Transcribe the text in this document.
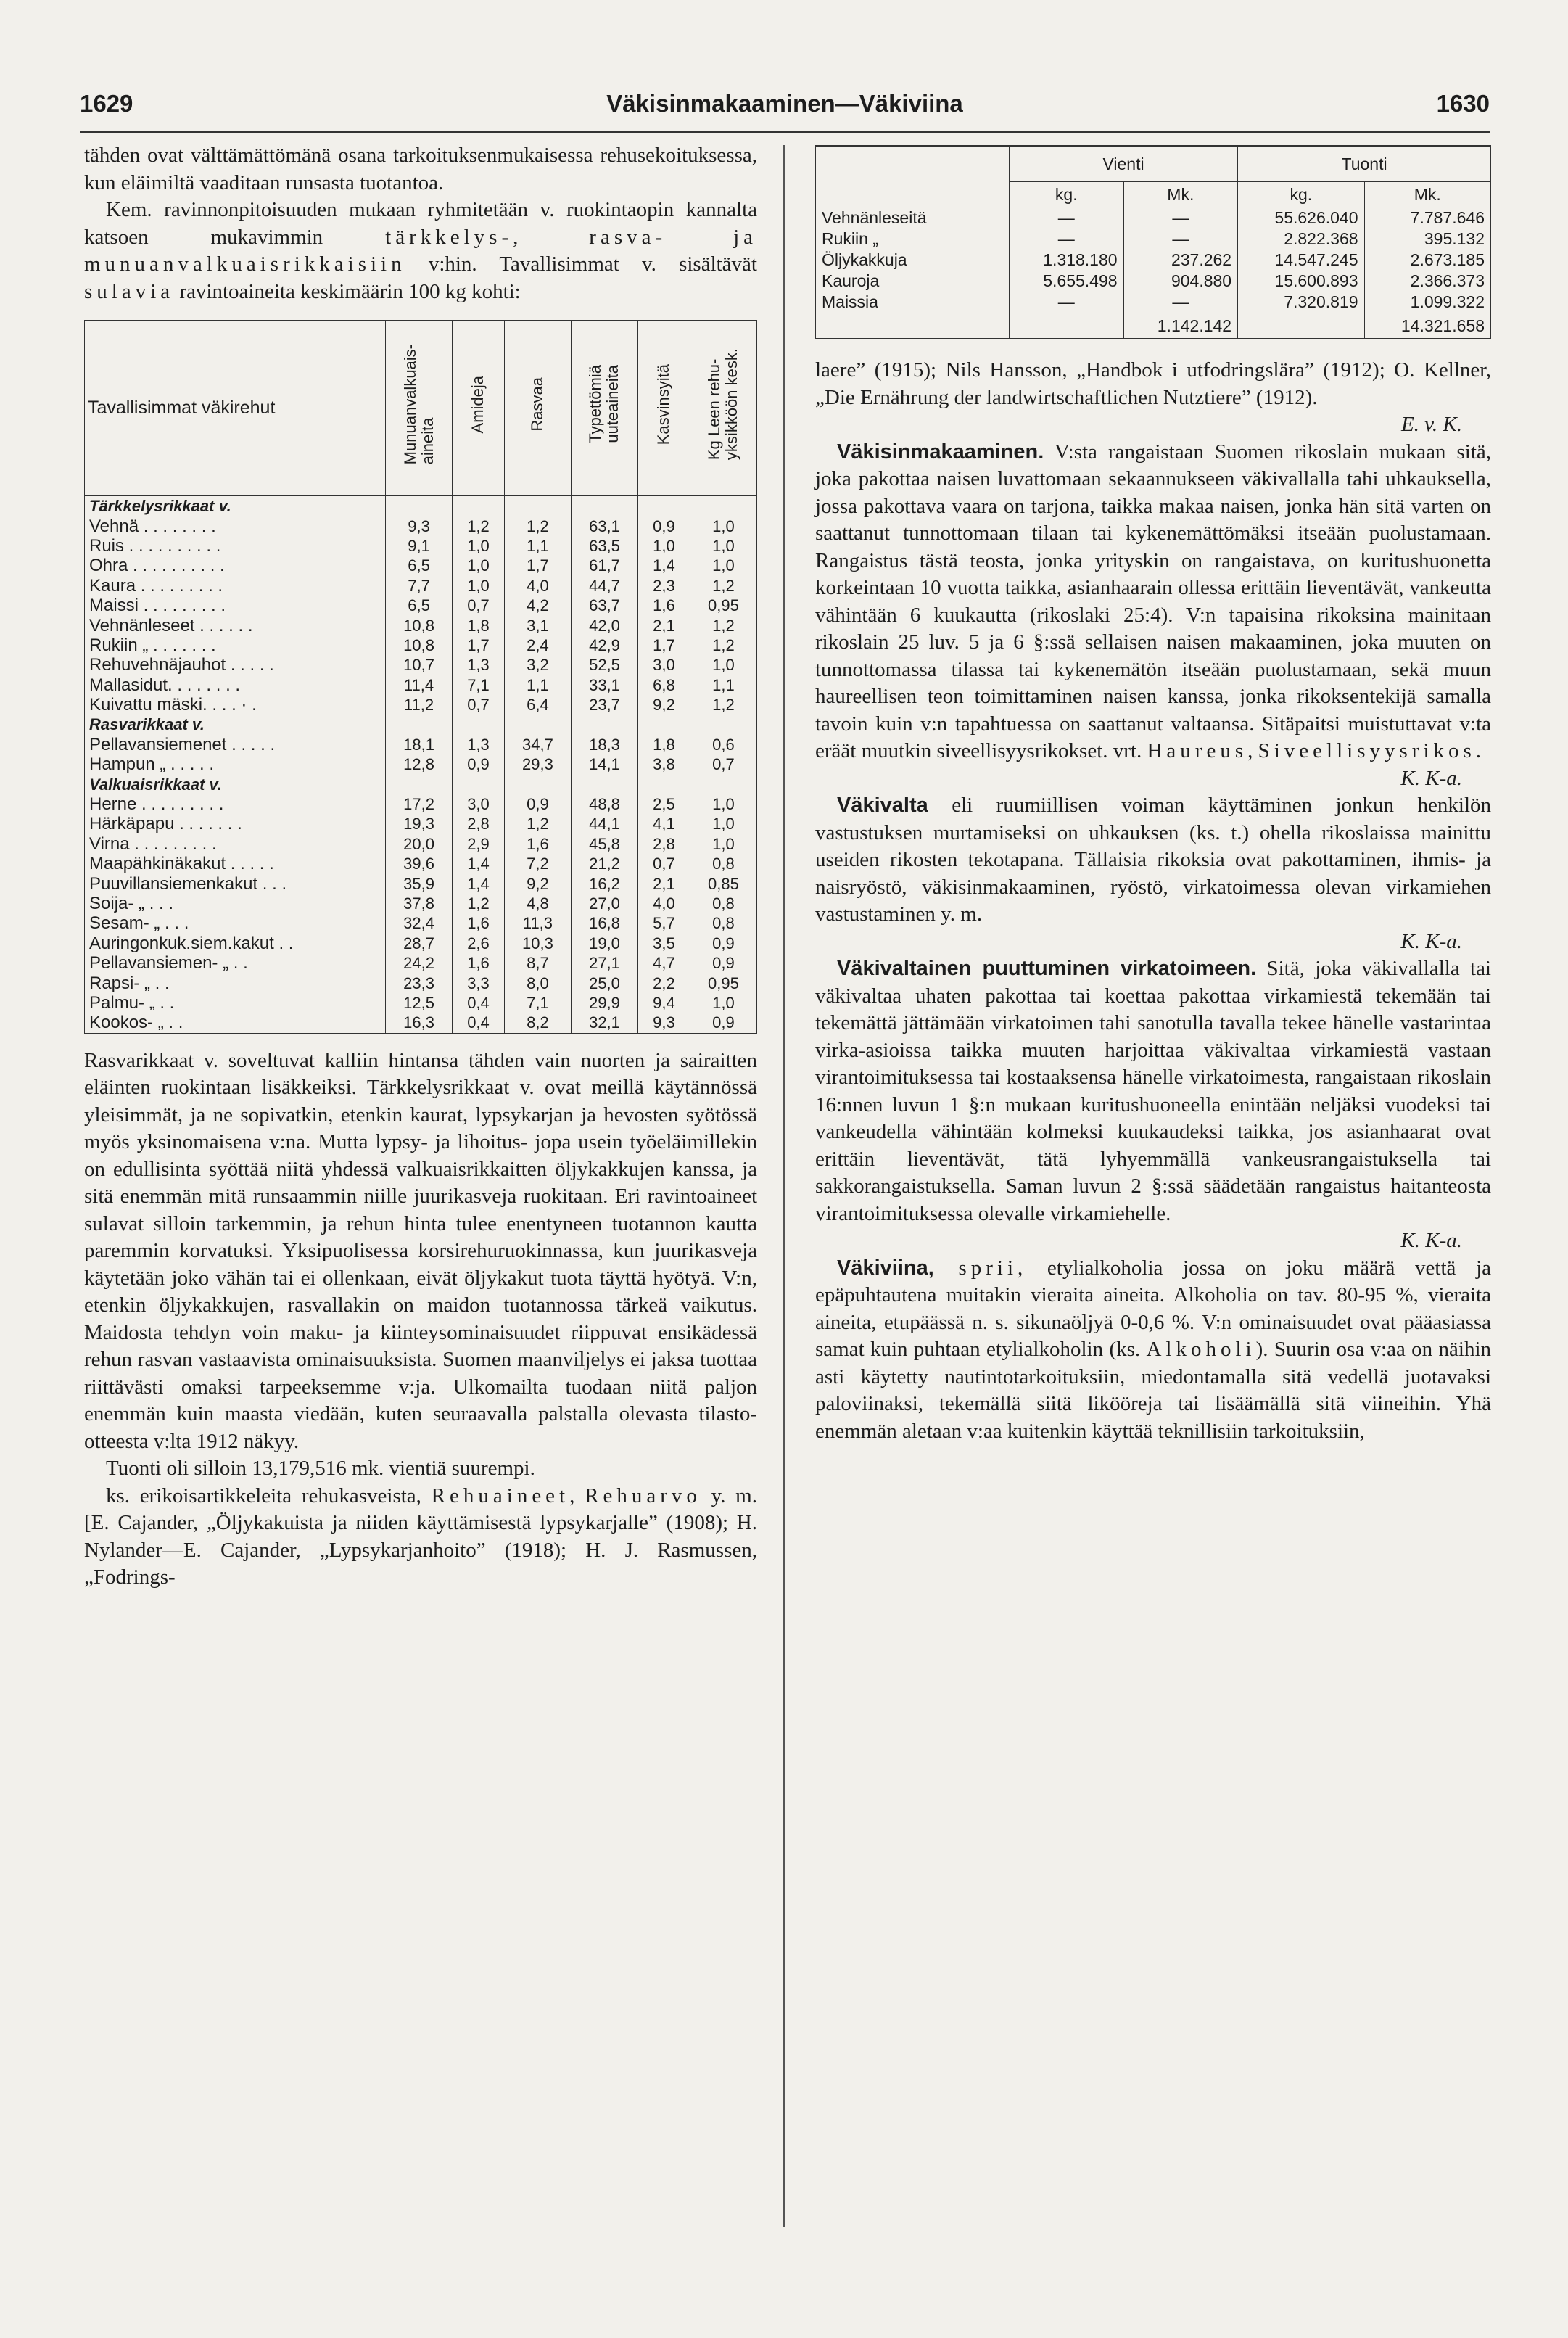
1629	Väkisinmakaaminen—Väkiviina	1630

tähden ovat välttämättömänä osana tarkoituksenmukaisessa rehusekoituksessa, kun eläimiltä vaaditaan runsasta tuotantoa.

Kem. ravinnonpitoisuuden mukaan ryhmitetään v. ruokintaopin kannalta katsoen mukavimmin tärkkelys-, rasva- ja munuanvalkuaisrikkaisiin v:hin. Tavallisimmat v. sisältävät sulavia ravintoaineita keskimäärin 100 kg kohti:

Tavallisimmat väkirehut	Munuanvalkuais-
aineita	Amideja	Rasvaa	Typettömiä
uuteaineita	Kasvinsyitä	Kg Leen rehu-
yksikköön kesk.
Tärkkelysrikkaat v.						
Vehnä . . . . . . . .	9,3	1,2	1,2	63,1	0,9	1,0
Ruis . . . . . . . . . .	9,1	1,0	1,1	63,5	1,0	1,0
Ohra . . . . . . . . . .	6,5	1,0	1,7	61,7	1,4	1,0
Kaura . . . . . . . . .	7,7	1,0	4,0	44,7	2,3	1,2
Maissi . . . . . . . . .	6,5	0,7	4,2	63,7	1,6	0,95
Vehnänleseet . . . . . .	10,8	1,8	3,1	42,0	2,1	1,2
Rukiin „ . . . . . . .	10,8	1,7	2,4	42,9	1,7	1,2
Rehuvehnäjauhot . . . . .	10,7	1,3	3,2	52,5	3,0	1,0
Mallasidut. . . . . . . .	11,4	7,1	1,1	33,1	6,8	1,1
Kuivattu mäski. . . . · .	11,2	0,7	6,4	23,7	9,2	1,2
Rasvarikkaat v.						
Pellavansiemenet . . . . .	18,1	1,3	34,7	18,3	1,8	0,6
Hampun „ . . . . .	12,8	0,9	29,3	14,1	3,8	0,7
Valkuaisrikkaat v.						
Herne . . . . . . . . .	17,2	3,0	0,9	48,8	2,5	1,0
Härkäpapu . . . . . . .	19,3	2,8	1,2	44,1	4,1	1,0
Virna . . . . . . . . .	20,0	2,9	1,6	45,8	2,8	1,0
Maapähkinäkakut . . . . .	39,6	1,4	7,2	21,2	0,7	0,8
Puuvillansiemenkakut . . .	35,9	1,4	9,2	16,2	2,1	0,85
Soija- „ . . .	37,8	1,2	4,8	27,0	4,0	0,8
Sesam- „ . . .	32,4	1,6	11,3	16,8	5,7	0,8
Auringonkuk.siem.kakut . .	28,7	2,6	10,3	19,0	3,5	0,9
Pellavansiemen- „ . .	24,2	1,6	8,7	27,1	4,7	0,9
Rapsi- „ . .	23,3	3,3	8,0	25,0	2,2	0,95
Palmu- „ . .	12,5	0,4	7,1	29,9	9,4	1,0
Kookos- „ . .	16,3	0,4	8,2	32,1	9,3	0,9

Rasvarikkaat v. soveltuvat kalliin hintansa tähden vain nuorten ja sairaitten eläinten ruokintaan lisäkkeiksi. Tärkkelysrikkaat v. ovat meillä käytännössä yleisimmät, ja ne sopivatkin, etenkin kaurat, lypsykarjan ja hevosten syötössä myös yksinomaisena v:na. Mutta lypsy- ja lihoitus- jopa usein työeläimillekin on edullisinta syöttää niitä yhdessä valkuaisrikkaitten öljykakkujen kanssa, ja sitä enemmän mitä runsaammin niille juurikasveja ruokitaan. Eri ravintoaineet sulavat silloin tarkemmin, ja rehun hinta tulee enentyneen tuotannon kautta paremmin korvatuksi. Yksipuolisessa korsirehuruokinnassa, kun juurikasveja käytetään joko vähän tai ei ollenkaan, eivät öljykakut tuota täyttä hyötyä. V:n, etenkin öljykakkujen, rasvallakin on maidon tuotannossa tärkeä vaikutus. Maidosta tehdyn voin maku- ja kiinteysominaisuudet riippuvat ensikädessä rehun rasvan vastaavista ominaisuuksista. Suomen maanviljelys ei jaksa tuottaa riittävästi omaksi tarpeeksemme v:ja. Ulkomailta tuodaan niitä paljon enemmän kuin maasta viedään, kuten seuraavalla palstalla olevasta tilasto-otteesta v:lta 1912 näkyy.

Tuonti oli silloin 13,179,516 mk. vientiä suurempi.

ks. erikoisartikkeleita rehukasveista, Rehuaineet, Rehuarvo y. m. [E. Cajander, „Öljykakuista ja niiden käyttämisestä lypsykarjalle” (1908); H. Nylander—E. Cajander, „Lypsykarjanhoito” (1918); H. J. Rasmussen, „Fodrings-

	Vienti		Tuonti	
	kg.	Mk.	kg.	Mk.
Vehnänleseitä	—	—	55.626.040	7.787.646
Rukiin „	—	—	2.822.368	395.132
Öljykakkuja	1.318.180	237.262	14.547.245	2.673.185
Kauroja	5.655.498	904.880	15.600.893	2.366.373
Maissia	—	—	7.320.819	1.099.322
		1.142.142		14.321.658

laere” (1915); Nils Hansson, „Handbok i utfodringslära” (1912); O. Kellner, „Die Ernährung der landwirtschaftlichen Nutztiere” (1912).

E. v. K.

Väkisinmakaaminen. V:sta rangaistaan Suomen rikoslain mukaan sitä, joka pakottaa naisen luvattomaan sekaannukseen väkivallalla tahi uhkauksella, jossa pakottava vaara on tarjona, taikka makaa naisen, jonka hän sitä varten on saattanut tunnottomaan tilaan tai kykenemättömäksi itseään puolustamaan. Rangaistus tästä teosta, jonka yrityskin on rangaistava, on kuritushuonetta korkeintaan 10 vuotta taikka, asianhaarain ollessa erittäin lieventävät, vankeutta vähintään 6 kuukautta (rikoslaki 25:4). V:n tapaisina rikoksina mainitaan rikoslain 25 luv. 5 ja 6 §:ssä sellaisen naisen makaaminen, joka muuten on tunnottomassa tilassa tai kykenemätön itseään puolustamaan, sekä muun haureellisen teon toimittaminen naisen kanssa, jonka rikoksentekijä samalla tavoin kuin v:n tapahtuessa on saattanut valtaansa. Sitäpaitsi muistuttavat v:ta eräät muutkin siveellisyysrikokset. vrt. Haureus, Siveellisyysrikos.

K. K-a.

Väkivalta eli ruumiillisen voiman käyttäminen jonkun henkilön vastustuksen murtamiseksi on uhkauksen (ks. t.) ohella rikoslaissa mainittu useiden rikosten tekotapana. Tällaisia rikoksia ovat pakottaminen, ihmis- ja naisryöstö, väkisinmakaaminen, ryöstö, virkatoimessa olevan virkamiehen vastustaminen y. m.

K. K-a.

Väkivaltainen puuttuminen virkatoimeen. Sitä, joka väkivallalla tai väkivaltaa uhaten pakottaa tai koettaa pakottaa virkamiestä tekemään tai tekemättä jättämään virkatoimen tahi sanotulla tavalla tekee hänelle vastarintaa virka-asioissa taikka muuten harjoittaa väkivaltaa virkamiestä vastaan virantoimituksessa tai kostaaksensa hänelle virkatoimesta, rangaistaan rikoslain 16:nnen luvun 1 §:n mukaan kuritushuoneella enintään neljäksi vuodeksi tai vankeudella vähintään kolmeksi kuukaudeksi taikka, jos asianhaarat ovat erittäin lieventävät, tätä lyhyemmällä vankeusrangaistuksella tai sakkorangaistuksella. Saman luvun 2 §:ssä säädetään rangaistus haitanteosta virantoimituksessa olevalle virkamiehelle.

K. K-a.

Väkiviina, sprii, etylialkoholia jossa on joku määrä vettä ja epäpuhtautena muitakin vieraita aineita. Alkoholia on tav. 80-95 %, vieraita aineita, etupäässä n. s. sikunaöljyä 0-0,6 %. V:n ominaisuudet ovat pääasiassa samat kuin puhtaan etylialkoholin (ks. Alkoholi). Suurin osa v:aa on näihin asti käytetty nautintotarkoituksiin, miedontamalla sitä vedellä juotavaksi paloviinaksi, tekemällä siitä likööreja tai lisäämällä sitä viineihin. Yhä enemmän aletaan v:aa kuitenkin käyttää teknillisiin tarkoituksiin,
